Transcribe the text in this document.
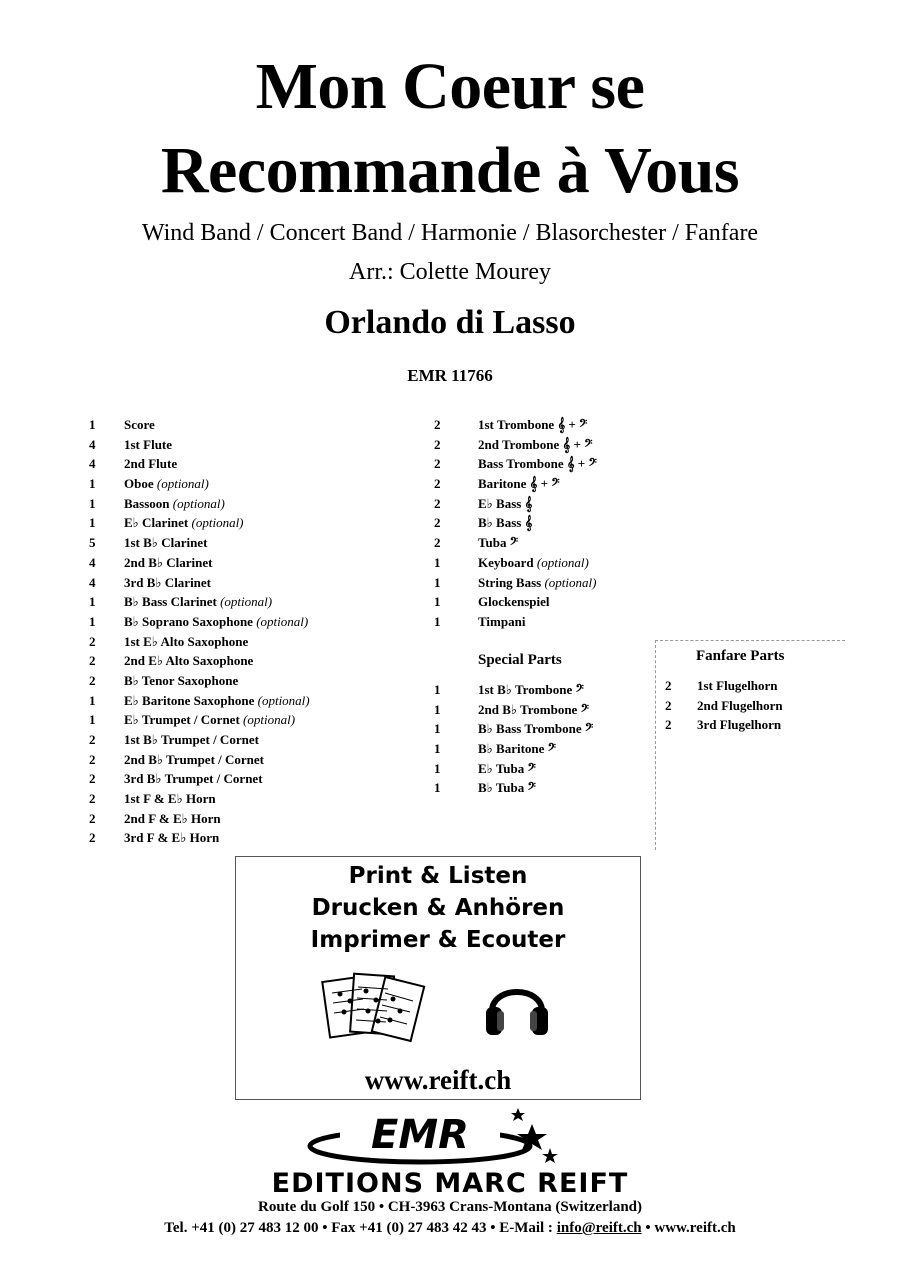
Mon Coeur se
Recommande à Vous
Wind Band / Concert Band / Harmonie / Blasorchester / Fanfare
Arr.: Colette Mourey
Orlando di Lasso
EMR 11766
1 Score
4 1st Flute
4 2nd Flute
1 Oboe (optional)
1 Bassoon (optional)
1 E♭ Clarinet (optional)
5 1st B♭ Clarinet
4 2nd B♭ Clarinet
4 3rd B♭ Clarinet
1 B♭ Bass Clarinet (optional)
1 B♭ Soprano Saxophone (optional)
2 1st E♭ Alto Saxophone
2 2nd E♭ Alto Saxophone
2 B♭ Tenor Saxophone
1 E♭ Baritone Saxophone (optional)
1 E♭ Trumpet / Cornet (optional)
2 1st B♭ Trumpet / Cornet
2 2nd B♭ Trumpet / Cornet
2 3rd B♭ Trumpet / Cornet
2 1st F & E♭ Horn
2 2nd F & E♭ Horn
2 3rd F & E♭ Horn
2	1st Trombone 𝄞 + 𝄢
2	2nd Trombone 𝄞 + 𝄢
2	Bass Trombone 𝄞 + 𝄢
2	Baritone 𝄞 + 𝄢
2	E♭ Bass 𝄞
2	B♭ Bass 𝄞
2	Tuba 𝄢
1	Keyboard (optional)
1	String Bass (optional)
1	Glockenspiel
1	Timpani
Special Parts
1	1st B♭ Trombone 𝄢
1	2nd B♭ Trombone 𝄢
1	B♭ Bass Trombone 𝄢
1	B♭ Baritone 𝄢
1	E♭ Tuba 𝄢
1	B♭ Tuba 𝄢
Fanfare Parts
2 1st Flugelhorn
2 2nd Flugelhorn
2 3rd Flugelhorn
Print & Listen
Drucken & Anhören
Imprimer & Ecouter
www.reift.ch
EMR
EDITIONS MARC REIFT
Route du Golf 150 • CH-3963 Crans-Montana (Switzerland)
Tel. +41 (0) 27 483 12 00 • Fax +41 (0) 27 483 42 43 • E-Mail : info@reift.ch • www.reift.ch
